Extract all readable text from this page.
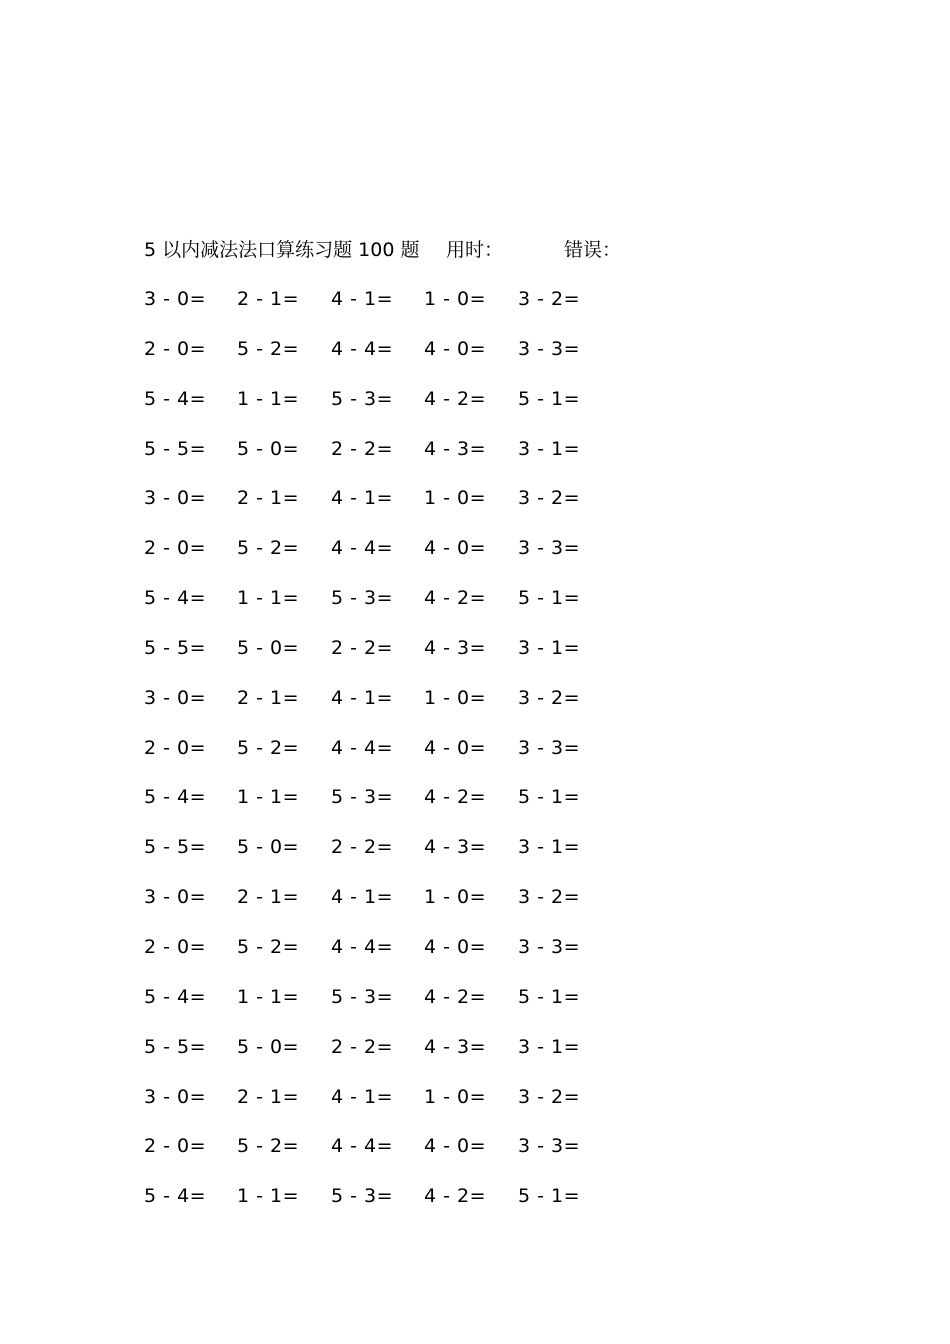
5 以内减法法口算练习题 100 题 用时：	错误：
3 - 0= 2 - 1= 4 - 1= 1 - 0= 3 - 2=
2 - 0= 5 - 2= 4 - 4= 4 - 0= 3 - 3=
5 - 4= 1 - 1= 5 - 3= 4 - 2= 5 - 1=
5 - 5= 5 - 0= 2 - 2= 4 - 3= 3 - 1=
3 - 0= 2 - 1= 4 - 1= 1 - 0= 3 - 2=
2 - 0= 5 - 2= 4 - 4= 4 - 0= 3 - 3=
5 - 4= 1 - 1= 5 - 3= 4 - 2= 5 - 1=
5 - 5= 5 - 0= 2 - 2= 4 - 3= 3 - 1=
3 - 0= 2 - 1= 4 - 1= 1 - 0= 3 - 2=
2 - 0= 5 - 2= 4 - 4= 4 - 0= 3 - 3=
5 - 4= 1 - 1= 5 - 3= 4 - 2= 5 - 1=
5 - 5= 5 - 0= 2 - 2= 4 - 3= 3 - 1=
3 - 0= 2 - 1= 4 - 1= 1 - 0= 3 - 2=
2 - 0= 5 - 2= 4 - 4= 4 - 0= 3 - 3=
5 - 4= 1 - 1= 5 - 3= 4 - 2= 5 - 1=
5 - 5= 5 - 0= 2 - 2= 4 - 3= 3 - 1=
3 - 0= 2 - 1= 4 - 1= 1 - 0= 3 - 2=
2 - 0= 5 - 2= 4 - 4= 4 - 0= 3 - 3=
5 - 4= 1 - 1= 5 - 3= 4 - 2= 5 - 1=
